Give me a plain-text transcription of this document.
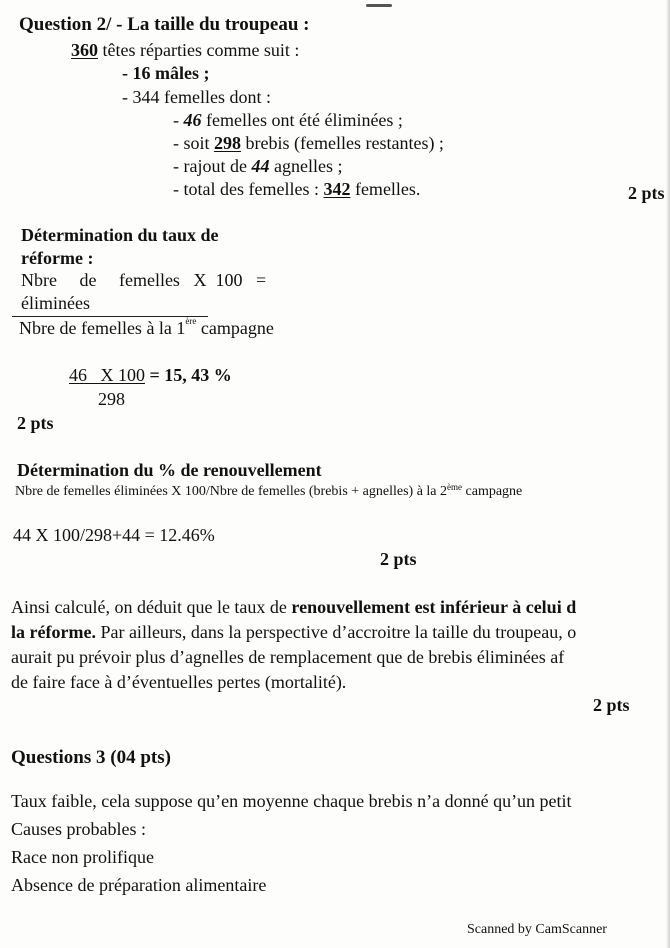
Question 2/ - La taille du troupeau :
360 têtes réparties comme suit :
- 16 mâles ;
- 344 femelles dont :
- 46 femelles ont été éliminées ;
- soit 298 brebis (femelles restantes) ;
- rajout de 44 agnelles ;
- total des femelles : 342 femelles.	2 pts
Détermination du taux de
réforme :
Nbre     de     femelles   X  100   =
éliminées
Nbre de femelles à la 1ère campagne
46   X 100 = 15, 43 %
298
2 pts
Détermination du % de renouvellement
Nbre de femelles éliminées X 100/Nbre de femelles (brebis + agnelles) à la 2ème campagne
44 X 100/298+44 = 12.46%
2 pts
Ainsi calculé, on déduit que le taux de renouvellement est inférieur à celui d
la réforme. Par ailleurs, dans la perspective d’accroitre la taille du troupeau, o
aurait pu prévoir plus d’agnelles de remplacement que de brebis éliminées af
de faire face à d’éventuelles pertes (mortalité).
2 pts
Questions 3 (04 pts)
Taux faible, cela suppose qu’en moyenne chaque brebis n’a donné qu’un petit
Causes probables :
Race non prolifique
Absence de préparation alimentaire
Scanned by CamScanner
